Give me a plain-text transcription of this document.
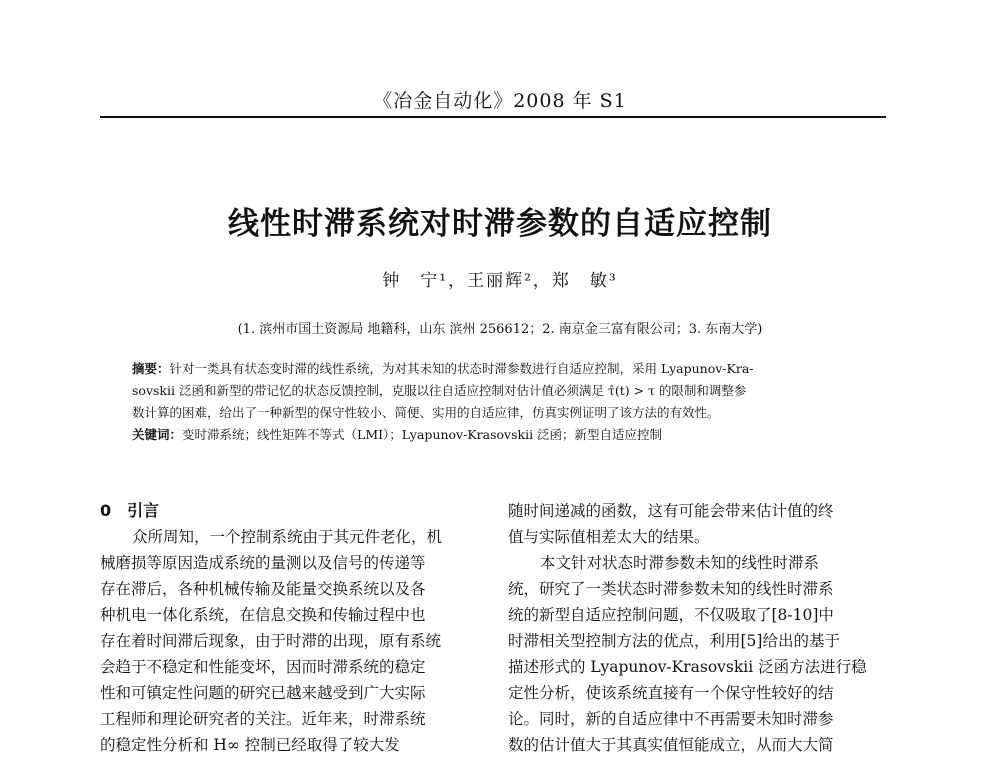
《冶金自动化》2008 年 S1
线性时滞系统对时滞参数的自适应控制
钟　宁¹，王丽辉²，郑　敏³
(1. 滨州市国土资源局 地籍科，山东 滨州 256612；2. 南京金三富有限公司；3. 东南大学)
摘要：针对一类具有状态变时滞的线性系统，为对其未知的状态时滞参数进行自适应控制，采用 Lyapunov-Kra-
sovskii 泛函和新型的带记忆的状态反馈控制，克服以往自适应控制对估计值必须满足 τ̂(t) > τ 的限制和调整参
数计算的困难，给出了一种新型的保守性较小、简便、实用的自适应律，仿真实例证明了该方法的有效性。
关键词：变时滞系统；线性矩阵不等式（LMI）；Lyapunov-Krasovskii 泛函；新型自适应控制
0 引言
众所周知，一个控制系统由于其元件老化，机
械磨损等原因造成系统的量测以及信号的传递等
存在滞后，各种机械传输及能量交换系统以及各
种机电一体化系统，在信息交换和传输过程中也
存在着时间滞后现象，由于时滞的出现，原有系统
会趋于不稳定和性能变坏，因而时滞系统的稳定
性和可镇定性问题的研究已越来越受到广大实际
工程师和理论研究者的关注。近年来，时滞系统
的稳定性分析和 H∞ 控制已经取得了较大发
随时间递减的函数，这有可能会带来估计值的终
值与实际值相差太大的结果。
本文针对状态时滞参数未知的线性时滞系
统，研究了一类状态时滞参数未知的线性时滞系
统的新型自适应控制问题，不仅吸取了[8-10]中
时滞相关型控制方法的优点，利用[5]给出的基于
描述形式的 Lyapunov-Krasovskii 泛函方法进行稳
定性分析，使该系统直接有一个保守性较好的结
论。同时，新的自适应律中不再需要未知时滞参
数的估计值大于其真实值恒能成立，从而大大简
